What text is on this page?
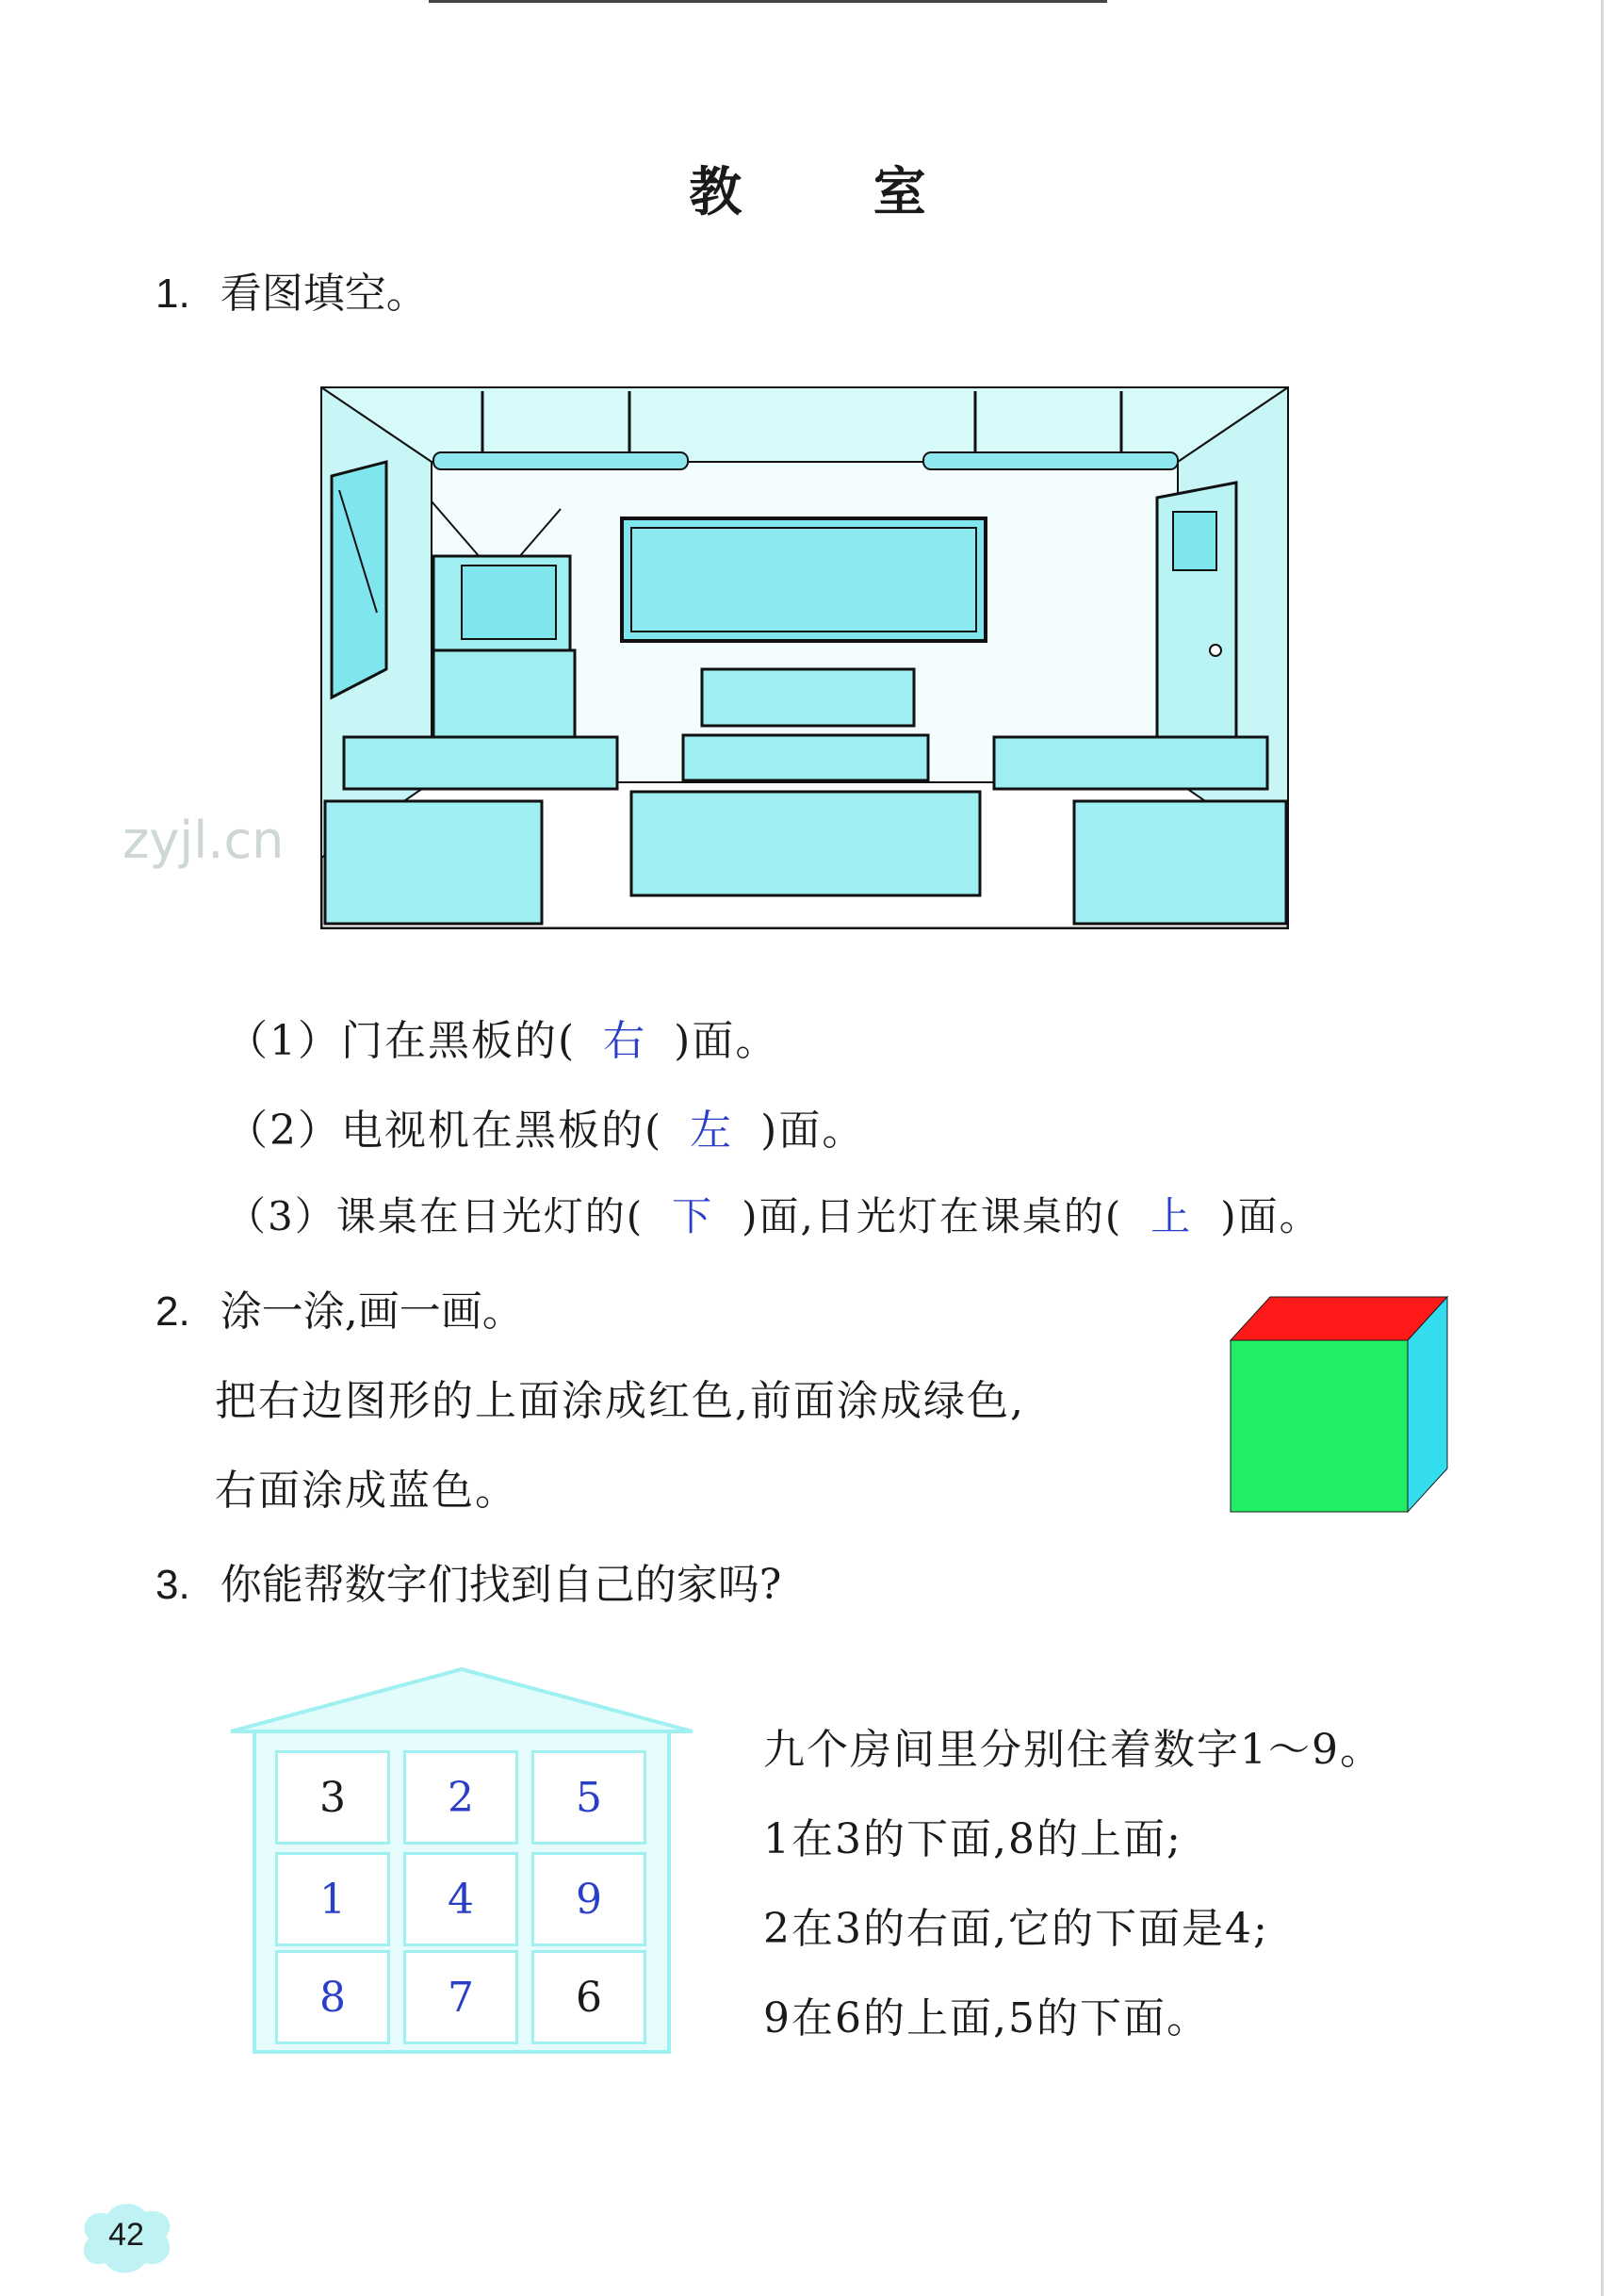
教 室
1. 看图填空。
zyjl.cn
（1）门在黑板的( 右 )面。
（2）电视机在黑板的( 左 )面。
（3）课桌在日光灯的( 下 )面,日光灯在课桌的( 上 )面。
2. 涂一涂,画一画。
把右边图形的上面涂成红色,前面涂成绿色,
右面涂成蓝色。
3. 你能帮数字们找到自己的家吗?
3 2 5
1 4 9
8 7 6
九个房间里分别住着数字1～9。
1在3的下面,8的上面;
2在3的右面,它的下面是4;
9在6的上面,5的下面。
42
